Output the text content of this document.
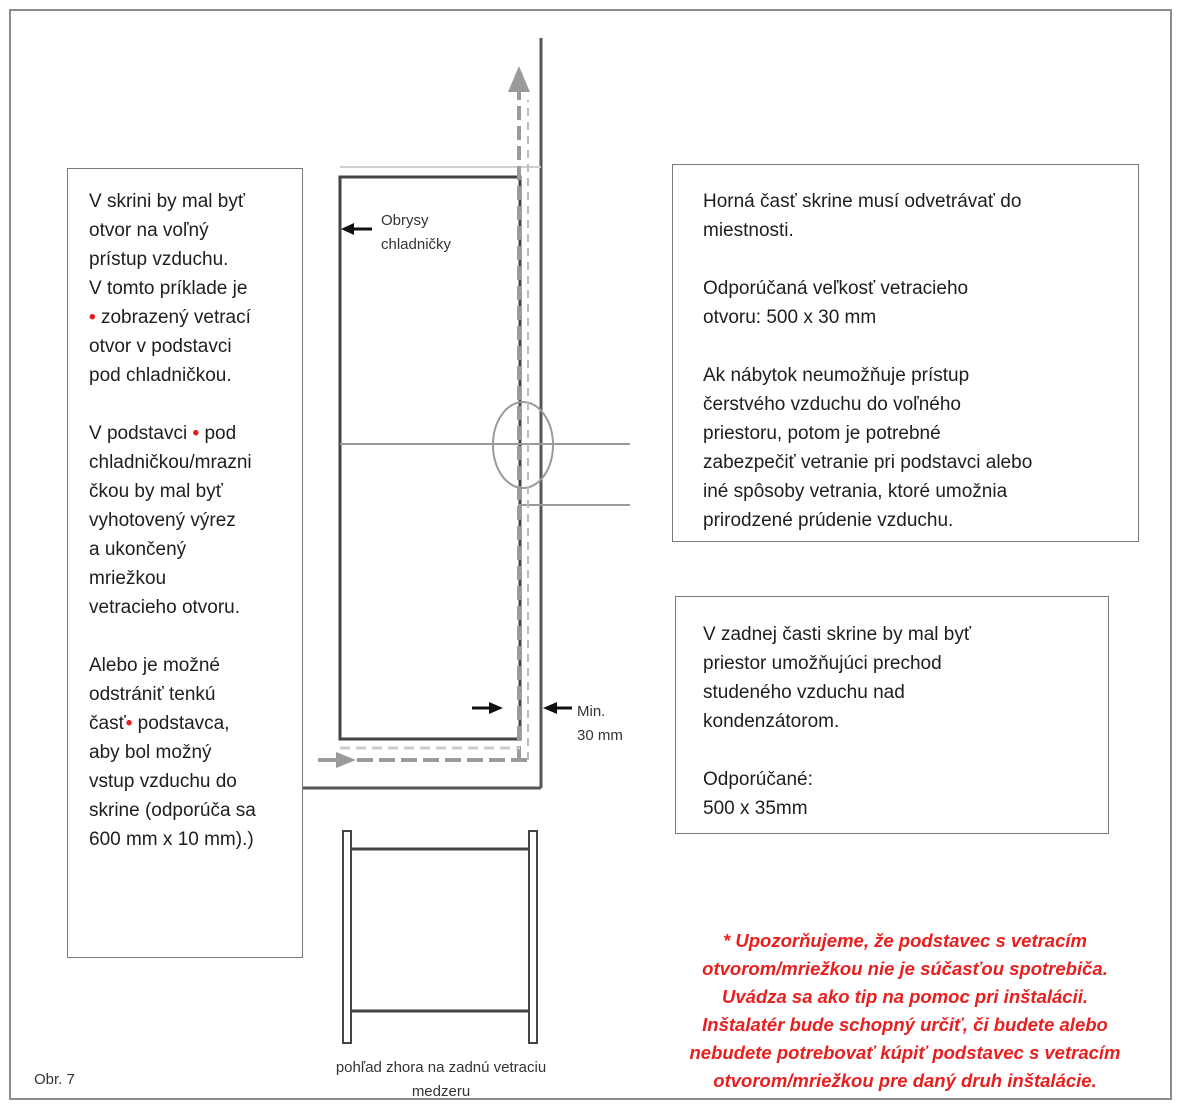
V skrini by mal byť
otvor na voľný
prístup vzduchu.
V tomto príklade je
• zobrazený vetrací
otvor v podstavci
pod chladničkou.
V podstavci • pod
chladničkou/mrazni
čkou by mal byť
vyhotovený výrez
a ukončený
mriežkou
vetracieho otvoru.
Alebo je možné
odstrániť tenkú
časť• podstavca,
aby bol možný
vstup vzduchu do
skrine (odporúča sa
600 mm x 10 mm).)
Horná časť skrine musí odvetrávať do
miestnosti.
Odporúčaná veľkosť vetracieho
otvoru: 500 x 30 mm
Ak nábytok neumožňuje prístup
čerstvého vzduchu do voľného
priestoru, potom je potrebné
zabezpečiť vetranie pri podstavci alebo
iné spôsoby vetrania, ktoré umožnia
prirodzené prúdenie vzduchu.
V zadnej časti skrine by mal byť
priestor umožňujúci prechod
studeného vzduchu nad
kondenzátorom.
Odporúčané:
500 x 35mm
Obrysy
chladničky
Min.
30 mm
pohľad zhora na zadnú vetraciu
medzeru
Obr. 7
* Upozorňujeme, že podstavec s vetracím
otvorom/mriežkou nie je súčasťou spotrebiča.
Uvádza sa ako tip na pomoc pri inštalácii.
Inštalatér bude schopný určiť, či budete alebo
nebudete potrebovať kúpiť podstavec s vetracím
otvorom/mriežkou pre daný druh inštalácie.
